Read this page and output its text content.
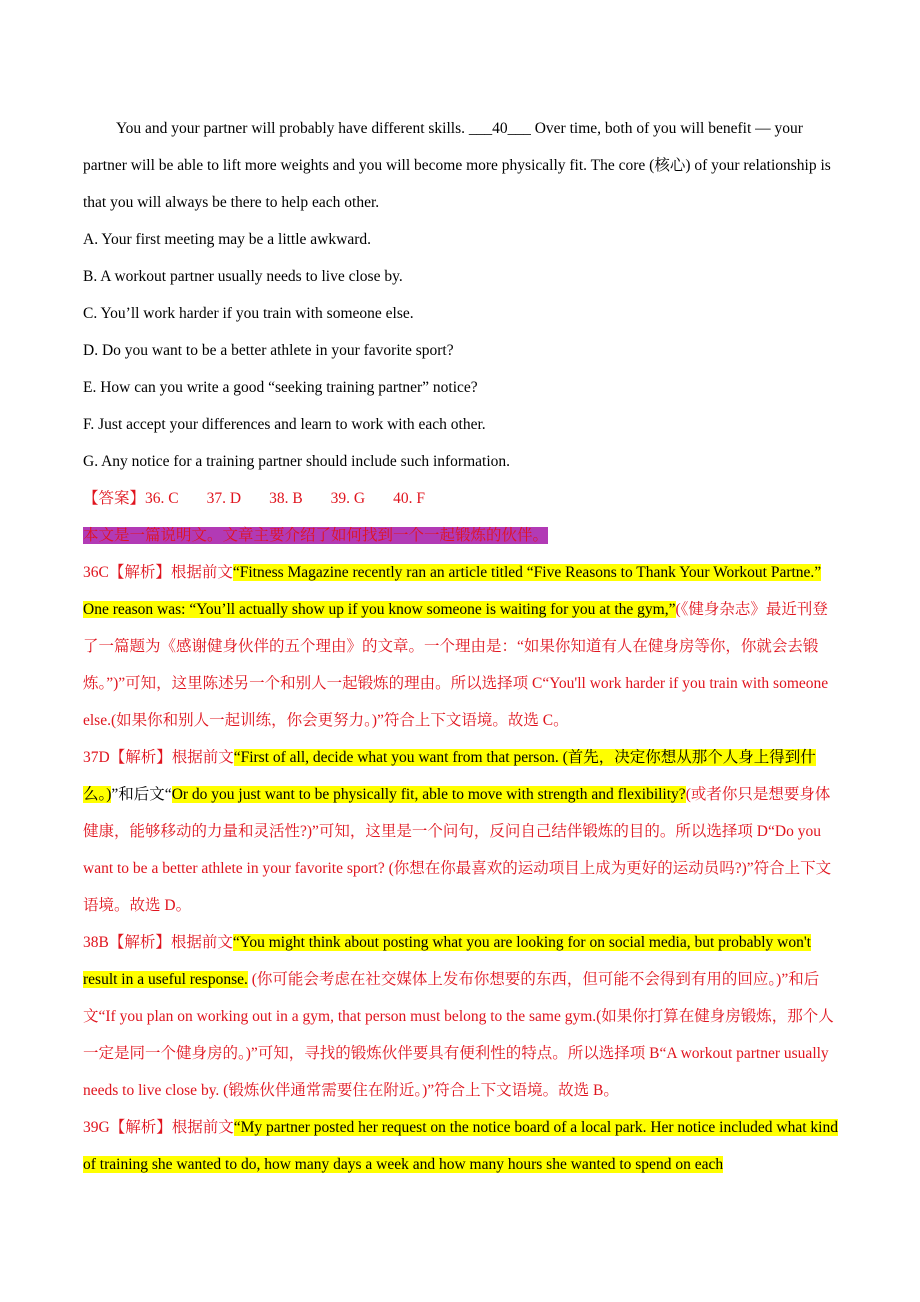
You and your partner will probably have different skills. ___40___ Over time, both of you will benefit — your partner will be able to lift more weights and you will become more physically fit. The core (核心) of your relationship is that you will always be there to help each other.

A. Your first meeting may be a little awkward.

B. A workout partner usually needs to live close by.

C. You’ll work harder if you train with someone else.

D. Do you want to be a better athlete in your favorite sport?

E. How can you write a good “seeking training partner” notice?

F. Just accept your differences and learn to work with each other.

G. Any notice for a training partner should include such information.

【答案】36. C 37. D 38. B 39. G 40. F

本文是一篇说明文。文章主要介绍了如何找到一个一起锻炼的伙伴。

36C【解析】根据前文“Fitness Magazine recently ran an article titled “Five Reasons to Thank Your Workout Partne.” One reason was: “You’ll actually show up if you know someone is waiting for you at the gym,”(《健身杂志》最近刊登了一篇题为《感谢健身伙伴的五个理由》的文章。一个理由是：“如果你知道有人在健身房等你，你就会去锻炼。”)”可知，这里陈述另一个和别人一起锻炼的理由。所以选择项 C“You'll work harder if you train with someone else.(如果你和别人一起训练，你会更努力。)”符合上下文语境。故选 C。

37D【解析】根据前文“First of all, decide what you want from that person. (首先，决定你想从那个人身上得到什么。)”和后文“Or do you just want to be physically fit, able to move with strength and flexibility?(或者你只是想要身体健康，能够移动的力量和灵活性?)”可知，这里是一个问句，反问自己结伴锻炼的目的。所以选择项 D“Do you want to be a better athlete in your favorite sport? (你想在你最喜欢的运动项目上成为更好的运动员吗?)”符合上下文语境。故选 D。

38B【解析】根据前文“You might think about posting what you are looking for on social media, but probably won't result in a useful response. (你可能会考虑在社交媒体上发布你想要的东西，但可能不会得到有用的回应。)”和后文“If you plan on working out in a gym, that person must belong to the same gym.(如果你打算在健身房锻炼，那个人一定是同一个健身房的。)”可知，寻找的锻炼伙伴要具有便利性的特点。所以选择项 B“A workout partner usually needs to live close by. (锻炼伙伴通常需要住在附近。)”符合上下文语境。故选 B。

39G【解析】根据前文“My partner posted her request on the notice board of a local park. Her notice included what kind of training she wanted to do, how many days a week and how many hours she wanted to spend on each
